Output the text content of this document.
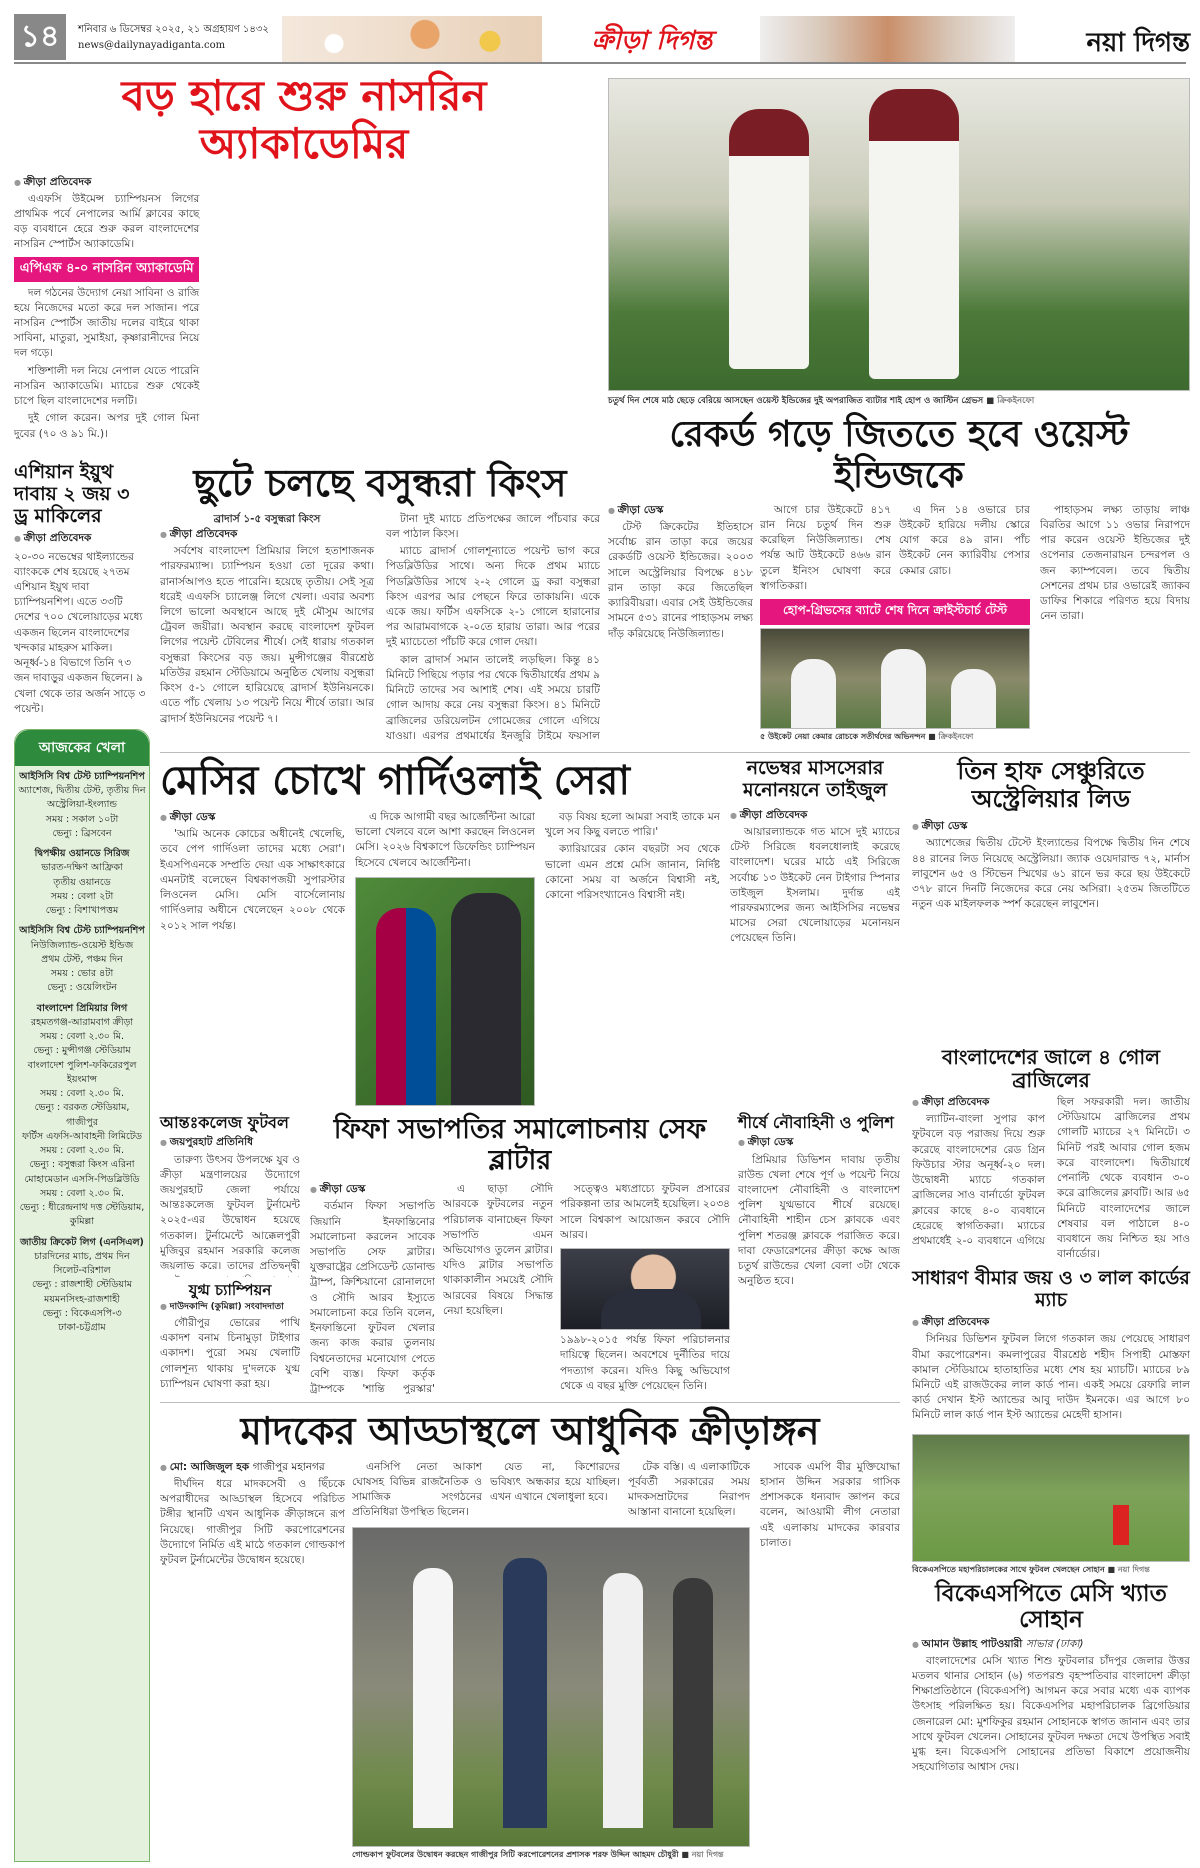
১৪	শনিবার ৬ ডিসেম্বর ২০২৫, ২১ অগ্রহায়ণ ১৪৩২
news@dailynayadiganta.com	ক্রীড়া দিগন্ত	নয়া দিগন্ত
বড় হারে শুরু নাসরিন অ্যাকাডেমির
● ক্রীড়া প্রতিবেদক

এএফসি উইমেন্স চ্যাম্পিয়নস লিগের প্রাথমিক পর্বে নেপালের আর্মি ক্লাবের কাছে বড় ব্যবধানে হেরে শুরু করল বাংলাদেশের নাসরিন স্পোর্টস অ্যাকাডেমি।

এপিএফ ৪-০ নাসরিন অ্যাকাডেমি

দল গঠনের উদ্যোগ নেয়া সাবিনা ও রাজি হয়ে নিজেদের মতো করে দল সাজান। পরে নাসরিন স্পোর্টস জাতীয় দলের বাইরে থাকা সাবিনা, মাতুরা, সুমাইয়া, কৃষ্ণারানীদের নিয়ে দল গড়ে।

শক্তিশালী দল নিয়ে নেপাল যেতে পারেনি নাসরিন অ্যাকাডেমি। ম্যাচের শুরু থেকেই চাপে ছিল বাংলাদেশের দলটি।

দুই গোল করেন। অপর দুই গোল মিনা দুবের (৭০ ও ৯১ মি.)।

চতুর্থ দিন শেষে মাঠ ছেড়ে বেরিয়ে আসছেন ওয়েস্ট ইন্ডিজের দুই অপরাজিত ব্যাটার শাই হোপ ও জাস্টিন গ্রেভস ■ ক্রিকইনফো
এশিয়ান ইয়ুথ দাবায় ২ জয় ৩ ড্র মাকিলের
● ক্রীড়া প্রতিবেদক
২০-৩০ নভেম্বের থাইল্যান্ডের ব্যাংককে শেষ হয়েছে ২৭তম এশিয়ান ইয়ুথ দাবা চ্যাম্পিয়নশিপ। এতে ৩৩টি দেশের ৭০০ খেলোয়াড়ের মধ্যে একজন ছিলেন বাংলাদেশের খন্দকার মাহরুস মাকিল। অনূর্ধ্ব-১৪ বিভাগে তিনি ৭৩ জন দাবাড়ুর একজন ছিলেন। ৯ খেলা থেকে তার অর্জন সাড়ে ৩ পয়েন্ট।
আজকের খেলা
আইসিসি বিশ্ব টেস্ট চ্যাম্পিয়নশিপ
অ্যাশেজ, দ্বিতীয় টেস্ট, তৃতীয় দিন
অস্ট্রেলিয়া-ইংল্যান্ড
সময় : সকাল ১০টা
ভেন্যু : ব্রিসবেন
দ্বিপক্ষীয় ওয়ানডে সিরিজ
ভারত-দক্ষিণ আফ্রিকা
তৃতীয় ওয়ানডে
সময় : বেলা ২টা
ভেন্যু : বিশাখাপত্তম
আইসিসি বিশ্ব টেস্ট চ্যাম্পিয়নশিপ
নিউজিল্যান্ড-ওয়েস্ট ইন্ডিজ
প্রথম টেস্ট, পঞ্চম দিন
সময় : ভোর ৪টা
ভেন্যু : ওয়েলিংটন
বাংলাদেশ প্রিমিয়ার লিগ
রহমতগঞ্জ-আরামবাগ ক্রীড়া
সময় : বেলা ২.৩০ মি.
ভেন্যু : মুন্সীগঞ্জ স্টেডিয়াম
বাংলাদেশ পুলিশ-ফকিরেরপুল ইয়ংমান্স
সময় : বেলা ২.৩০ মি.
ভেন্যু : বরকত স্টেডিয়াম, গাজীপুর
ফর্টিস এফসি-আবাহনী লিমিটেড
সময় : বেলা ২.৩০ মি.
ভেন্যু : বসুন্ধরা কিংস এরিনা
মোহামেডান এসসি-পিডব্লিউডি
সময় : বেলা ২.৩০ মি.
ভেন্যু : ধীরেন্দ্রনাথ দত্ত স্টেডিয়াম, কুমিল্লা
জাতীয় ক্রিকেট লিগ (এনসিএল)
চারদিনের ম্যাচ, প্রথম দিন
সিলেট-বরিশাল
ভেন্যু : রাজশাহী স্টেডিয়াম
ময়মনসিংহ-রাজশাহী
ভেন্যু : বিকেএসপি-৩
ঢাকা-চট্টগ্রাম
ছুটে চলছে বসুন্ধরা কিংস
ব্রাদার্স ১-৫ বসুন্ধরা কিংস
● ক্রীড়া প্রতিবেদক

সর্বশেষ বাংলাদেশ প্রিমিয়ার লিগে হতাশাজনক পারফরম্যান্স। চ্যাম্পিয়ন হওয়া তো দূরের কথা। রানার্সআপও হতে পারেনি। হয়েছে তৃতীয়। সেই সূত্র ধরেই এএফসি চ্যালেঞ্জ লিগে খেলা। এবার অবশ্য লিগে ভালো অবস্থানে আছে দুই মৌসুম আগের ট্রেবল জয়ীরা। অবস্থান করছে বাংলাদেশ ফুটবল লিগের পয়েন্ট টেবিলের শীর্ষে। সেই ধারায় গতকাল বসুন্ধরা কিংসের বড় জয়। মুন্সীগঞ্জের বীরশ্রেষ্ঠ মতিউর রহমান স্টেডিয়ামে অনুষ্ঠিত খেলায় বসুন্ধরা কিংস ৫-১ গোলে হারিয়েছে ব্রাদার্স ইউনিয়নকে। এতে পাঁচ খেলায় ১৩ পয়েন্ট নিয়ে শীর্ষে তারা। আর ব্রাদার্স ইউনিয়নের পয়েন্ট ৭।

টানা দুই ম্যাচে প্রতিপক্ষের জালে পাঁচবার করে বল পাঠাল কিংস।

ম্যাচে ব্রাদার্স গোলশূন্যাতে পয়েন্ট ভাগ করে পিডব্লিউডির সাথে। অন্য দিকে প্রথম ম্যাচে পিডব্লিউডির সাথে ২-২ গোলে ড্র করা বসুন্ধরা কিংস এরপর আর পেছনে ফিরে তাকায়নি। একে একে জয়। ফর্টিস এফসিকে ২-১ গোলে হারানোর পর আরামবাগকে ২-০তে হারায় তারা। আর পরের দুই ম্যাচেতো পাঁচটি করে গোল দেয়া।

কাল ব্রাদার্স সমান তালেই লড়ছিল। কিন্তু ৪১ মিনিটে পিছিয়ে পড়ার পর থেকে দ্বিতীয়ার্ধের প্রথম ৯ মিনিটে তাদের সব আশাই শেষ। এই সময়ে চারটি গোল আদায় করে নেয় বসুন্ধরা কিংস। ৪১ মিনিটে ব্রাজিলের ডরিয়েলটন গোমেজের গোলে এগিয়ে যাওয়া। এরপর প্রথমার্ধের ইনজুরি টাইমে ফয়সাল

রেকর্ড গড়ে জিততে হবে ওয়েস্ট ইন্ডিজকে
● ক্রীড়া ডেস্ক

টেস্ট ক্রিকেটের ইতিহাসে সর্বোচ্চ রান তাড়া করে জয়ের রেকর্ডটি ওয়েস্ট ইন্ডিজের। ২০০৩ সালে অস্ট্রেলিয়ার বিপক্ষে ৪১৮ রান তাড়া করে জিতেছিল ক্যারিবীয়রা। এবার সেই উইন্ডিজের সামনে ৫৩১ রানের পাহাড়সম লক্ষ্য দাঁড় করিয়েছে নিউজিল্যান্ড।

আগে চার উইকেটে ৪১৭ রান নিয়ে চতুর্থ দিন শুরু করেছিল নিউজিল্যান্ড। শেষ পর্যন্ত আট উইকেটে ৪৬৬ রান তুলে ইনিংস ঘোষণা করে স্বাগতিকরা।

এ দিন ১৪ ওভারে চার উইকেট হারিয়ে দলীয় স্কোরে যোগ করে ৪৯ রান। পাঁচ উইকেট নেন ক্যারিবীয় পেসার কেমার রোচ।

হোপ-গ্রিভসের ব্যাটে শেষ দিনে ক্রাইস্টচার্চ টেস্ট
৫ উইকেট নেয়া কেমার রোচকে সতীর্থদের অভিনন্দন ■ ক্রিকইনফো

পাহাড়সম লক্ষ্য তাড়ায় লাঞ্চ বিরতির আগে ১১ ওভার নিরাপদে পার করেন ওয়েস্ট ইন্ডিজের দুই ওপেনার তেজনারায়ন চন্দরপল ও জন ক্যাম্পবেল। তবে দ্বিতীয় সেশনের প্রথম চার ওভারেই জ্যাকব ডাফির শিকারে পরিণত হয়ে বিদায় নেন তারা।

মেসির চোখে গার্দিওলাই সেরা
● ক্রীড়া ডেস্ক

'আমি অনেক কোচের অধীনেই খেলেছি, তবে পেপ গার্দিওলা তাদের মধ্যে সেরা'। ইএসপিএনকে সম্প্রতি দেয়া এক সাক্ষাৎকারে এমনটাই বলেছেন বিশ্বকাপজয়ী সুপারস্টার লিওনেল মেসি। মেসি বার্সেলোনায় গার্দিওলার অধীনে খেলেছেন ২০০৮ থেকে ২০১২ সাল পর্যন্ত।

এ দিকে আগামী বছর আর্জেন্টিনা আরো ভালো খেলবে বলে আশা করছেন লিওনেল মেসি। ২০২৬ বিশ্বকাপে ডিফেন্ডিং চ্যাম্পিয়ন হিসেবে খেলবে আর্জেন্টিনা।

বড় বিষয় হলো আমরা সবাই তাকে মন খুলে সব কিছু বলতে পারি।'

ক্যারিয়ারের কোন বছরটা সব থেকে ভালো এমন প্রশ্নে মেসি জানান, নির্দিষ্ট কোনো সময় বা অর্জনে বিশ্বাসী নই, কোনো পরিসংখ্যানেও বিশ্বাসী নই।

নভেম্বর মাসসেরার মনোনয়নে তাইজুল
● ক্রীড়া প্রতিবেদক

আয়ারল্যান্ডকে গত মাসে দুই ম্যাচের টেস্ট সিরিজে ধবলধোলাই করেছে বাংলাদেশ। ঘরের মাঠে এই সিরিজে সর্বোচ্চ ১৩ উইকেট নেন টাইগার স্পিনার তাইজুল ইসলাম। দুর্দান্ত এই পারফরম্যান্সের জন্য আইসিসির নভেম্বর মাসের সেরা খেলোয়াড়ের মনোনয়ন পেয়েছেন তিনি।

তিন হাফ সেঞ্চুরিতে অস্ট্রেলিয়ার লিড
● ক্রীড়া ডেস্ক

অ্যাশেজের দ্বিতীয় টেস্টে ইংল্যান্ডের বিপক্ষে দ্বিতীয় দিন শেষে ৪৪ রানের লিড নিয়েছে অস্ট্রেলিয়া। জ্যাক ওয়েদারাল্ড ৭২, মার্নাস লাবুশেন ৬৫ ও স্টিভেন স্মিথের ৬১ রানে ভর করে ছয় উইকেটে ৩৭৮ রানে দিনটি নিজেদের করে নেয় অসিরা। ২৫তম জিতটিতে নতুন এক মাইলফলক স্পর্শ করেছেন লাবুশেন।

বাংলাদেশের জালে ৪ গোল ব্রাজিলের
● ক্রীড়া প্রতিবেদক

ল্যাটিন-বাংলা সুপার কাপ ফুটবলে বড় পরাজয় দিয়ে শুরু করেছে বাংলাদেশের রেড গ্রিন ফিউচার স্টার অনূর্ধ্ব-২০ দল। উদ্বোধনী ম্যাচে গতকাল ব্রাজিলের সাও বার্নার্ডো ফুটবল ক্লাবের কাছে ৪-০ ব্যবধানে হেরেছে স্বাগতিকরা। ম্যাচের প্রথমার্ধেই ২-০ ব্যবধানে এগিয়ে ছিল সফরকারী দল। জাতীয় স্টেডিয়ামে ব্রাজিলের প্রথম গোলটি ম্যাচের ২৭ মিনিটে। ৩ মিনিট পরই আবার গোল হজম করে বাংলাদেশ। দ্বিতীয়ার্ধে পেনাল্টি থেকে ব্যবধান ৩-০ করে ব্রাজিলের ক্লাবটি। আর ৬৫ মিনিটে বাংলাদেশের জালে শেষবার বল পাঠালে ৪-০ ব্যবধানে জয় নিশ্চিত হয় সাও বার্নার্ডোর।

সাধারণ বীমার জয় ও ৩ লাল কার্ডের ম্যাচ
● ক্রীড়া প্রতিবেদক

সিনিয়র ডিভিশন ফুটবল লিগে গতকাল জয় পেয়েছে সাধারণ বীমা করপোরেশন। কমলাপুরের বীরশ্রেষ্ঠ শহীদ সিপাহী মোস্তফা কামাল স্টেডিয়ামে হাতাহাতির মধ্যে শেষ হয় ম্যাচটি। ম্যাচের ৮৯ মিনিটে এই রাজউকের লাল কার্ড পান। একই সময়ে রেফারি লাল কার্ড দেখান ইস্ট অ্যান্ডের আবু দাউদ ইমনকে। এর আগে ৮০ মিনিটে লাল কার্ড পান ইস্ট অ্যান্ডের মেহেদী হাসান।

বিকেএসপিতে মহাপরিচালকের সাথে ফুটবল খেলছেন সোহান ■ নয়া দিগন্ত
বিকেএসপিতে মেসি খ্যাত সোহান
● আমান উল্লাহ পাটওয়ারী সাভার (ঢাকা)

বাংলাদেশের মেসি খ্যাত শিশু ফুটবলার চাঁদপুর জেলার উত্তর মতলব থানার সোহান (৬) গতপরশু বৃহস্পতিবার বাংলাদেশ ক্রীড়া শিক্ষাপ্রতিষ্ঠানে (বিকেএসপি) আগমন করে সবার মধ্যে এক ব্যাপক উৎসাহ পরিলক্ষিত হয়। বিকেএসপির মহাপরিচালক ব্রিগেডিয়ার জেনারেল মো: মুশফিকুর রহমান সোহানকে স্বাগত জানান এবং তার সাথে ফুটবল খেলেন। সোহানের ফুটবল দক্ষতা দেখে উপস্থিত সবাই মুগ্ধ হন। বিকেএসপি সোহানের প্রতিভা বিকাশে প্রয়োজনীয় সহযোগিতার আশ্বাস দেয়।

আন্তঃকলেজ ফুটবল
● জয়পুরহাট প্রতিনিধি

তারুণ্য উৎসব উপলক্ষে যুব ও ক্রীড়া মন্ত্রণালয়ের উদ্যোগে জয়পুরহাট জেলা পর্যায়ে আন্তঃকলেজ ফুটবল টুর্নামেন্ট ২০২৫-এর উদ্বোধন হয়েছে গতকাল। টুর্নামেন্টে আক্কেলপুরী মুজিবুর রহমান সরকারি কলেজ জয়লাভ করে। তাদের প্রতিদ্বন্দ্বী

যুগ্ম চ্যাম্পিয়ন
● দাউদকান্দি (কুমিল্লা) সংবাদদাতা

গৌরীপুর ভোরের পাখি একাদশ বনাম চিনামুড়া টাইগার একাদশ। পুরো সময় খেলাটি গোলশূন্য থাকায় দু'দলকে যুগ্ম চ্যাম্পিয়ন ঘোষণা করা হয়।

ফিফা সভাপতির সমালোচনায় সেফ ব্লাটার
● ক্রীড়া ডেস্ক

বর্তমান ফিফা সভাপতি জিয়ানি ইনফান্তিনোর সমালোচনা করলেন সাবেক সভাপতি সেফ ব্লাটার। যুক্তরাষ্ট্রের প্রেসিডেন্ট ডোনাল্ড ট্রাম্প, ক্রিশ্চিয়ানো রোনালদো ও সৌদি আরব ইস্যুতে সমালোচনা করে তিনি বলেন, ইনফান্তিনো ফুটবল খেলার জন্য কাজ করার তুলনায় বিশ্বনেতাদের মনোযোগ পেতে বেশি ব্যস্ত। ফিফা কর্তৃক ট্রাম্পকে 'শান্তি পুরস্কার'

এ ছাড়া সৌদি আরবকে ফুটবলের নতুন পরিচালক বানাচ্ছেন ফিফা সভাপতি এমন অভিযোগও তুলেন ব্লাটার। যদিও ব্লাটার সভাপতি থাকাকালীন সময়েই সৌদি আরবের বিষয়ে সিদ্ধান্ত নেয়া হয়েছিল।

সত্ত্বেও মধ্যপ্রাচ্যে ফুটবল প্রসারের পরিকল্পনা তার আমলেই হয়েছিল। ২০৩৪ সালে বিশ্বকাপ আয়োজন করবে সৌদি আরব।

১৯৯৮-২০১৫ পর্যন্ত ফিফা পরিচালনার দায়িত্বে ছিলেন। অবশেষে দুর্নীতির দায়ে পদত্যাগ করেন। যদিও কিছু অভিযোগ থেকে এ বছর মুক্তি পেয়েছেন তিনি।
শীর্ষে নৌবাহিনী ও পুলিশ
● ক্রীড়া ডেস্ক

প্রিমিয়ার ডিভিশন দাবায় তৃতীয় রাউন্ড খেলা শেষে পূর্ণ ৬ পয়েন্ট নিয়ে বাংলাদেশ নৌবাহিনী ও বাংলাদেশ পুলিশ যুগ্মভাবে শীর্ষে রয়েছে। নৌবাহিনী শাহীন চেস ক্লাবকে এবং পুলিশ শতরঞ্জ ক্লাবকে পরাজিত করে। দাবা ফেডারেশনের ক্রীড়া কক্ষে আজ চতুর্থ রাউন্ডের খেলা বেলা ৩টা থেকে অনুষ্ঠিত হবে।

মাদকের আড্ডাস্থলে আধুনিক ক্রীড়াঙ্গন
● মো: আজিজুল হক গাজীপুর মহানগর

দীর্ঘদিন ধরে মাদকসেবী ও ছিঁচকে অপরাধীদের আড্ডাস্থল হিসেবে পরিচিত টঙ্গীর স্থানটি এখন আধুনিক ক্রীড়াঙ্গনে রূপ নিয়েছে। গাজীপুর সিটি করপোরেশনের উদ্যোগে নির্মিত এই মাঠে গতকাল গোল্ডকাপ ফুটবল টুর্নামেন্টের উদ্বোধন হয়েছে।

এনসিপি নেতা আকাশ ঘোষসহ বিভিন্ন রাজনৈতিক ও সামাজিক সংগঠনের প্রতিনিধিরা উপস্থিত ছিলেন।

যেত না, কিশোরদের ভবিষ্যৎ অন্ধকার হয়ে যাচ্ছিল। এখন এখানে খেলাধুলা হবে।

টেক বস্তি। এ এলাকাটিকে পূর্ববর্তী সরকারের সময় মাদকসম্রাটদের নিরাপদ আস্তানা বানানো হয়েছিল।

গোল্ডকাপ ফুটবলের উদ্বোধন করছেন গাজীপুর সিটি করপোরেশনের প্রশাসক শরফ উদ্দিন আহমদ চৌধুরী ■ নয়া দিগন্ত

সাবেক এমপি বীর মুক্তিযোদ্ধা হাসান উদ্দিন সরকার গাসিক প্রশাসককে ধন্যবাদ জ্ঞাপন করে বলেন, আওয়ামী লীগ নেতারা এই এলাকায় মাদকের কারবার চালাত।
